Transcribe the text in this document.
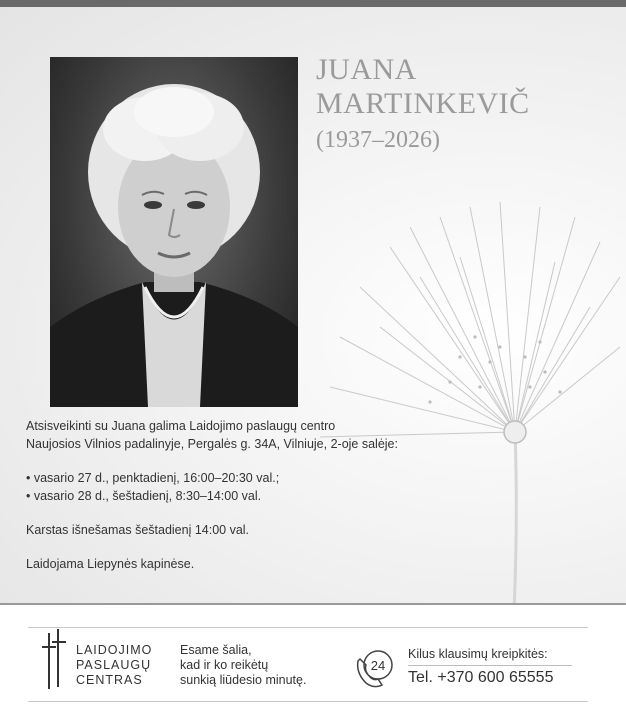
JUANA
MARTINKEVIČ
(1937–2026)

Atsisveikinti su Juana galima Laidojimo paslaugų centro

Naujosios Vilnios padalinyje, Pergalės g. 34A, Vilniuje, 2-oje salėje:

• vasario 27 d., penktadienį, 16:00–20:30 val.;

• vasario 28 d., šeštadienį, 8:30–14:00 val.

Karstas išnešamas šeštadienį 14:00 val.

Laidojama Liepynės kapinėse.

LAIDOJIMO
PASLAUGŲ
CENTRAS
Esame šalia,
kad ir ko reikėtų
sunkią liūdesio minutę.
24
Kilus klausimų kreipkitės:
Tel. +370 600 65555
